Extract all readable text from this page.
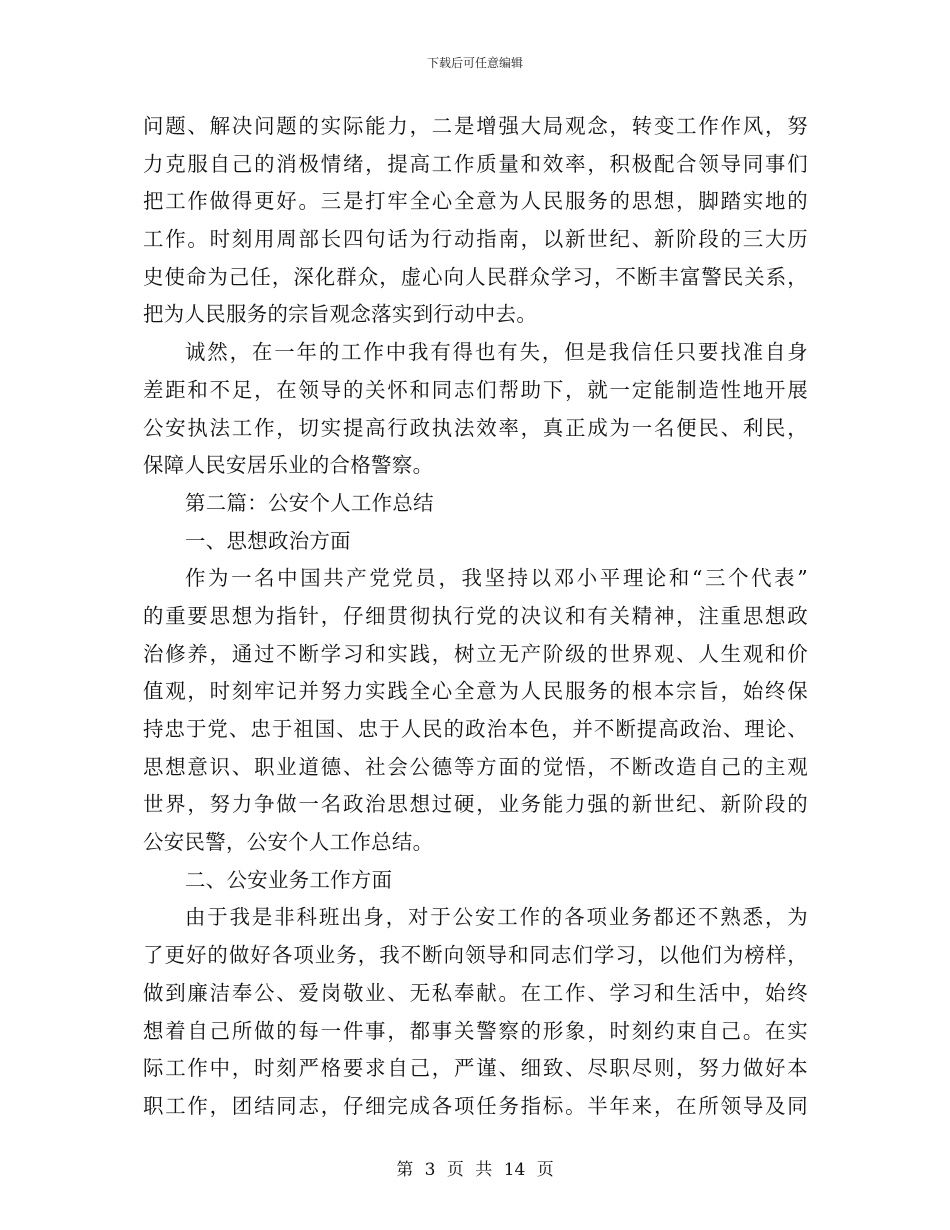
下载后可任意编辑
问题、解决问题的实际能力，二是增强大局观念，转变工作作风，努
力克服自己的消极情绪，提高工作质量和效率，积极配合领导同事们
把工作做得更好。三是打牢全心全意为人民服务的思想，脚踏实地的
工作。时刻用周部长四句话为行动指南，以新世纪、新阶段的三大历
史使命为己任，深化群众，虚心向人民群众学习，不断丰富警民关系，
把为人民服务的宗旨观念落实到行动中去。
诚然，在一年的工作中我有得也有失，但是我信任只要找准自身
差距和不足，在领导的关怀和同志们帮助下，就一定能制造性地开展
公安执法工作，切实提高行政执法效率，真正成为一名便民、利民，
保障人民安居乐业的合格警察。
第二篇：公安个人工作总结
一、思想政治方面
作为一名中国共产党党员，我坚持以邓小平理论和“三个代表”
的重要思想为指针，仔细贯彻执行党的决议和有关精神，注重思想政
治修养，通过不断学习和实践，树立无产阶级的世界观、人生观和价
值观，时刻牢记并努力实践全心全意为人民服务的根本宗旨，始终保
持忠于党、忠于祖国、忠于人民的政治本色，并不断提高政治、理论、
思想意识、职业道德、社会公德等方面的觉悟，不断改造自己的主观
世界，努力争做一名政治思想过硬，业务能力强的新世纪、新阶段的
公安民警，公安个人工作总结。
二、公安业务工作方面
由于我是非科班出身，对于公安工作的各项业务都还不熟悉，为
了更好的做好各项业务，我不断向领导和同志们学习，以他们为榜样，
做到廉洁奉公、爱岗敬业、无私奉献。在工作、学习和生活中，始终
想着自己所做的每一件事，都事关警察的形象，时刻约束自己。在实
际工作中，时刻严格要求自己，严谨、细致、尽职尽则，努力做好本
职工作，团结同志，仔细完成各项任务指标。半年来，在所领导及同
第 3 页 共 14 页
